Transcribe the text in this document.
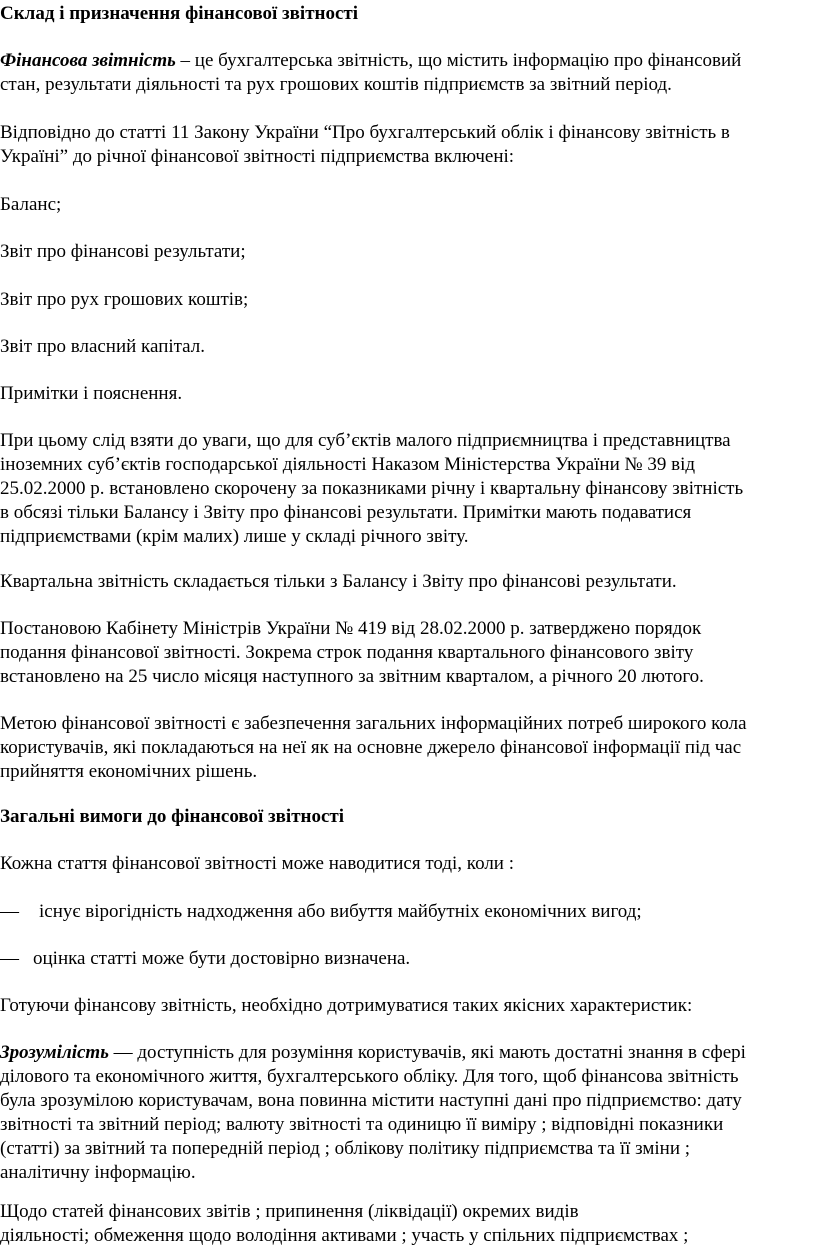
Склад і призначення фінансової звітності

Фінансова звітність – це бухгалтерська звітність, що містить інформацію про фінансовий
стан, результати діяльності та рух грошових коштів підприємств за звітний період.

Відповідно до статті 11 Закону України “Про бухгалтерський облік і фінансову звітність в
Україні” до річної фінансової звітності підприємства включені:

Баланс;

Звіт про фінансові результати;

Звіт про рух грошових коштів;

Звіт про власний капітал.

Примітки і пояснення.

При цьому слід взяти до уваги, що для суб’єктів малого підприємництва і представництва
іноземних суб’єктів господарської діяльності Наказом Міністерства України № 39 від
25.02.2000 р. встановлено скорочену за показниками річну і квартальну фінансову звітність
в обсязі тільки Балансу і Звіту про фінансові результати. Примітки мають подаватися
підприємствами (крім малих) лише у складі річного звіту.

Квартальна звітність складається тільки з Балансу і Звіту про фінансові результати.

Постановою Кабінету Міністрів України № 419 від 28.02.2000 р. затверджено порядок
подання фінансової звітності. Зокрема строк подання квартального фінансового звіту
встановлено на 25 число місяця наступного за звітним кварталом, а річного 20 лютого.

Метою фінансової звітності є забезпечення загальних інформаційних потреб широкого кола
користувачів, які покладаються на неї як на основне джерело фінансової інформації під час
прийняття економічних рішень.

Загальні вимоги до фінансової звітності

Кожна стаття фінансової звітності може наводитися тоді, коли :

— існує вірогідність надходження або вибуття майбутніх економічних вигод;

— оцінка статті може бути достовірно визначена.

Готуючи фінансову звітність, необхідно дотримуватися таких якісних характеристик:

Зрозумілість — доступність для розуміння користувачів, які мають достатні знання в сфері
ділового та економічного життя, бухгалтерського обліку. Для того, щоб фінансова звітність
була зрозумілою користувачам, вона повинна містити наступні дані про підприємство: дату
звітності та звітний період; валюту звітності та одиницю її виміру ; відповідні показники
(статті) за звітний та попередній період ; облікову політику підприємства та її зміни ;
аналітичну інформацію.

Щодо статей фінансових звітів ; припинення (ліквідації) окремих видів
діяльності; обмеження щодо володіння активами ; участь у спільних підприємствах ;
